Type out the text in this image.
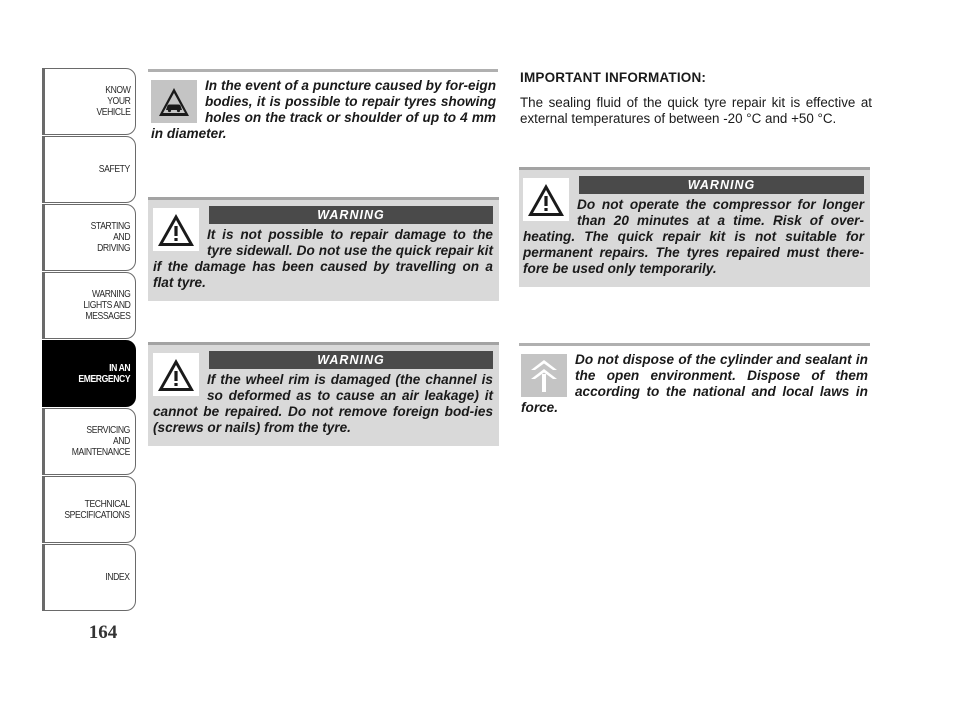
KNOW
YOUR
VEHICLE
SAFETY
STARTING
AND
DRIVING
WARNING
LIGHTS AND
MESSAGES
IN AN
EMERGENCY
SERVICING
AND
MAINTENANCE
TECHNICAL
SPECIFICATIONS
INDEX
164

In the event of a puncture caused by for-eign bodies, it is possible to repair tyres showing holes on the track or shoulder of up to 4 mm in diameter.

WARNING

It is not possible to repair damage to the tyre sidewall. Do not use the quick repair kit if the damage has been caused by travelling on a flat tyre.

WARNING

If the wheel rim is damaged (the channel is so deformed as to cause an air leakage) it cannot be repaired. Do not remove foreign bod-ies (screws or nails) from the tyre.

IMPORTANT INFORMATION:

The sealing fluid of the quick tyre repair kit is effective at external temperatures of between -20 °C and +50 °C.

WARNING

Do not operate the compressor for longer than 20 minutes at a time. Risk of over-heating. The quick repair kit is not suitable for permanent repairs. The tyres repaired must there-fore be used only temporarily.

Do not dispose of the cylinder and sealant in the open environment. Dispose of them according to the national and local laws in force.
